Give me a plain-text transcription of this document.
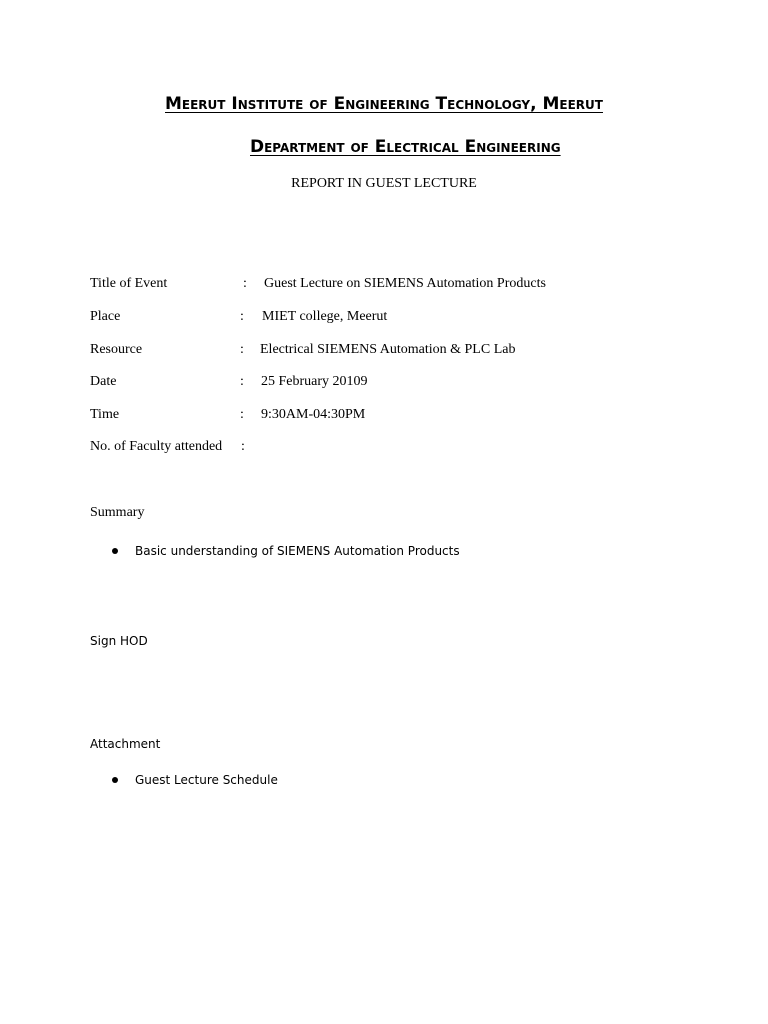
Meerut Institute of Engineering Technology, Meerut
Department of Electrical Engineering

REPORT IN GUEST LECTURE

Title of Event	: Guest Lecture on SIEMENS Automation Products
Place	: MIET college, Meerut
Resource	: Electrical SIEMENS Automation & PLC Lab
Date	: 25 February 20109
Time	: 9:30AM-04:30PM
No. of Faculty attended :
Summary
Basic understanding of SIEMENS Automation Products
Sign HOD
Attachment
Guest Lecture Schedule
